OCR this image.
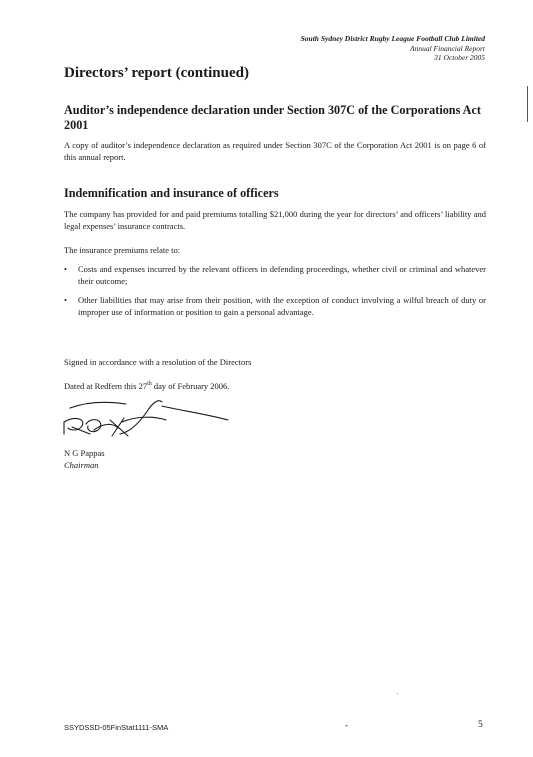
South Sydney District Rugby League Football Club Limited
Annual Financial Report
31 October 2005
Directors’ report (continued)
Auditor’s independence declaration under Section 307C of the Corporations Act 2001

A copy of auditor’s independence declaration as required under Section 307C of the Corporation Act 2001 is on page 6 of this annual report.

Indemnification and insurance of officers

The company has provided for and paid premiums totalling $21,000 during the year for directors’ and officers’ liability and legal expenses’ insurance contracts.

The insurance premiums relate to:

• Costs and expenses incurred by the relevant officers in defending proceedings, whether civil or criminal and whatever their outcome;
• Other liabilities that may arise from their position, with the exception of conduct involving a wilful breach of duty or improper use of information or position to gain a personal advantage.

Signed in accordance with a resolution of the Directors

Dated at Redfern this 27th day of February 2006.

N G Pappas

Chairman

SSYDSSD-05FinStat1111-SMA	-	5
